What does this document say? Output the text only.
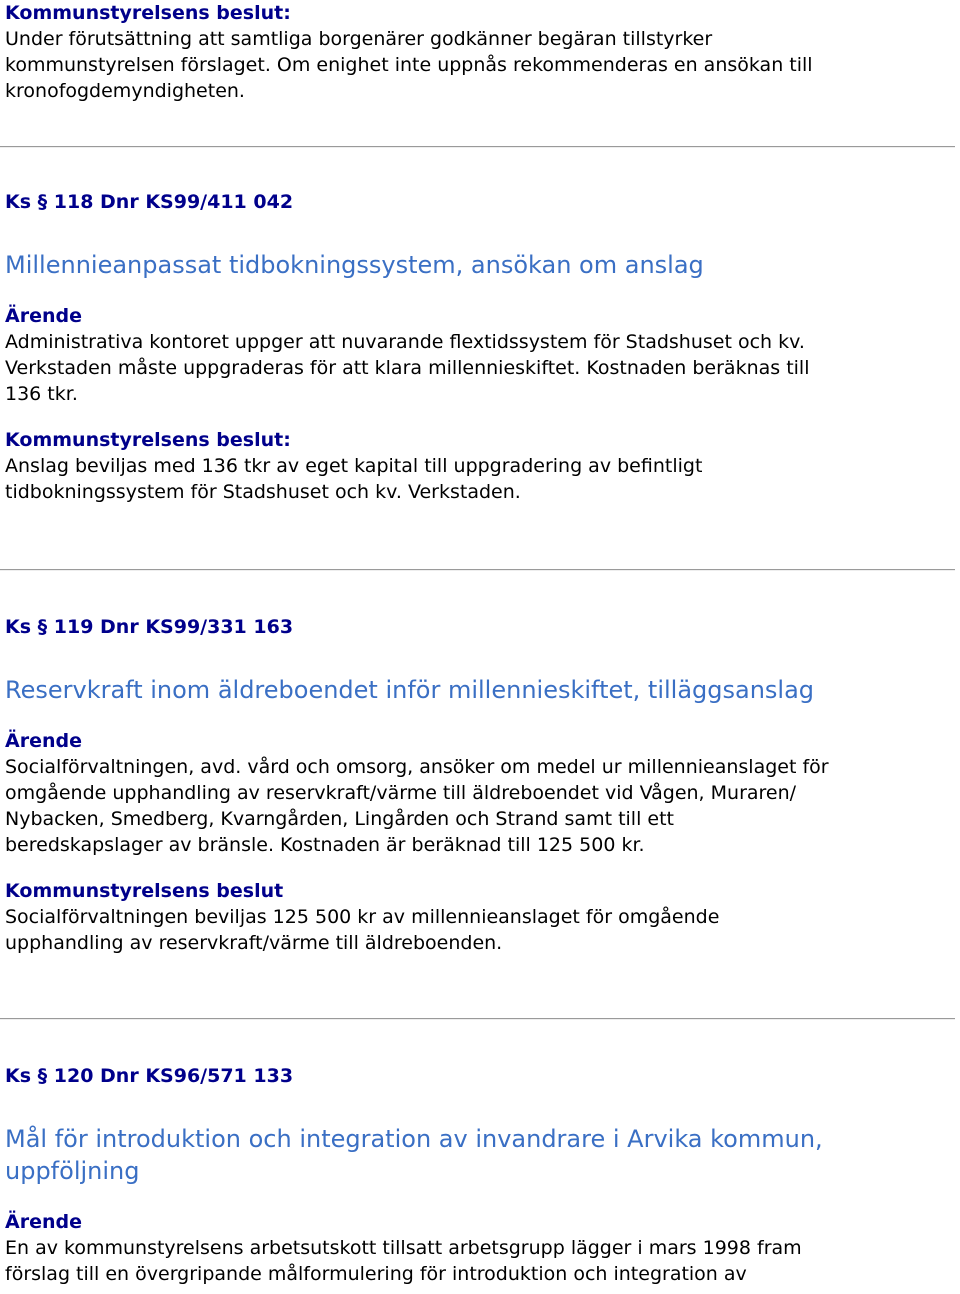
Kommunstyrelsens beslut:

Under förutsättning att samtliga borgenärer godkänner begäran tillstyrker
kommunstyrelsen förslaget. Om enighet inte uppnås rekommenderas en ansökan till
kronofogdemyndigheten.

Ks § 118 Dnr KS99/411 042

Millennieanpassat tidbokningssystem, ansökan om anslag

Ärende

Administrativa kontoret uppger att nuvarande flextidssystem för Stadshuset och kv.
Verkstaden måste uppgraderas för att klara millennieskiftet. Kostnaden beräknas till
136 tkr.

Kommunstyrelsens beslut:

Anslag beviljas med 136 tkr av eget kapital till uppgradering av befintligt
tidbokningssystem för Stadshuset och kv. Verkstaden.

Ks § 119 Dnr KS99/331 163

Reservkraft inom äldreboendet inför millennieskiftet, tilläggsanslag

Ärende

Socialförvaltningen, avd. vård och omsorg, ansöker om medel ur millennieanslaget för
omgående upphandling av reservkraft/värme till äldreboendet vid Vågen, Muraren/
Nybacken, Smedberg, Kvarngården, Lingården och Strand samt till ett
beredskapslager av bränsle. Kostnaden är beräknad till 125 500 kr.

Kommunstyrelsens beslut

Socialförvaltningen beviljas 125 500 kr av millennieanslaget för omgående
upphandling av reservkraft/värme till äldreboenden.

Ks § 120 Dnr KS96/571 133

Mål för introduktion och integration av invandrare i Arvika kommun,
uppföljning

Ärende

En av kommunstyrelsens arbetsutskott tillsatt arbetsgrupp lägger i mars 1998 fram
förslag till en övergripande målformulering för introduktion och integration av
